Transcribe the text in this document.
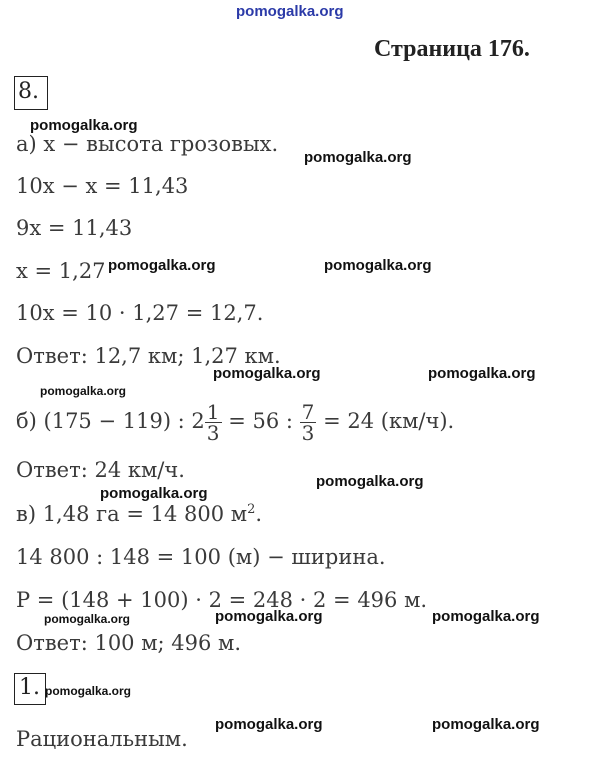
pomogalka.org
Страница 176.
8.
а) x − высота грозовых.
10x − x = 11,43
9x = 11,43
x = 1,27
10x = 10 · 1,27 = 12,7.
Ответ: 12,7 км; 1,27 км.
б) (175 − 119) : $2 \frac{1}{3} = 56$ : $\frac{7}{3} = 24$ (км/ч).
Ответ: 24 км/ч.
в) 1,48 га = 14 800 $м^2$.
14 800 : 148 = 100 (м) − ширина.
P = (148 + 100) · 2 = 248 · 2 = 496 м.
Ответ: 100 м; 496 м.
1.
Рациональным.
pomogalka.org
pomogalka.org
pomogalka.org	pomogalka.org
pomogalka.org	pomogalka.org
pomogalka.org
pomogalka.org
pomogalka.org
pomogalka.org	pomogalka.org	pomogalka.org
pomogalka.org
pomogalka.org	pomogalka.org
